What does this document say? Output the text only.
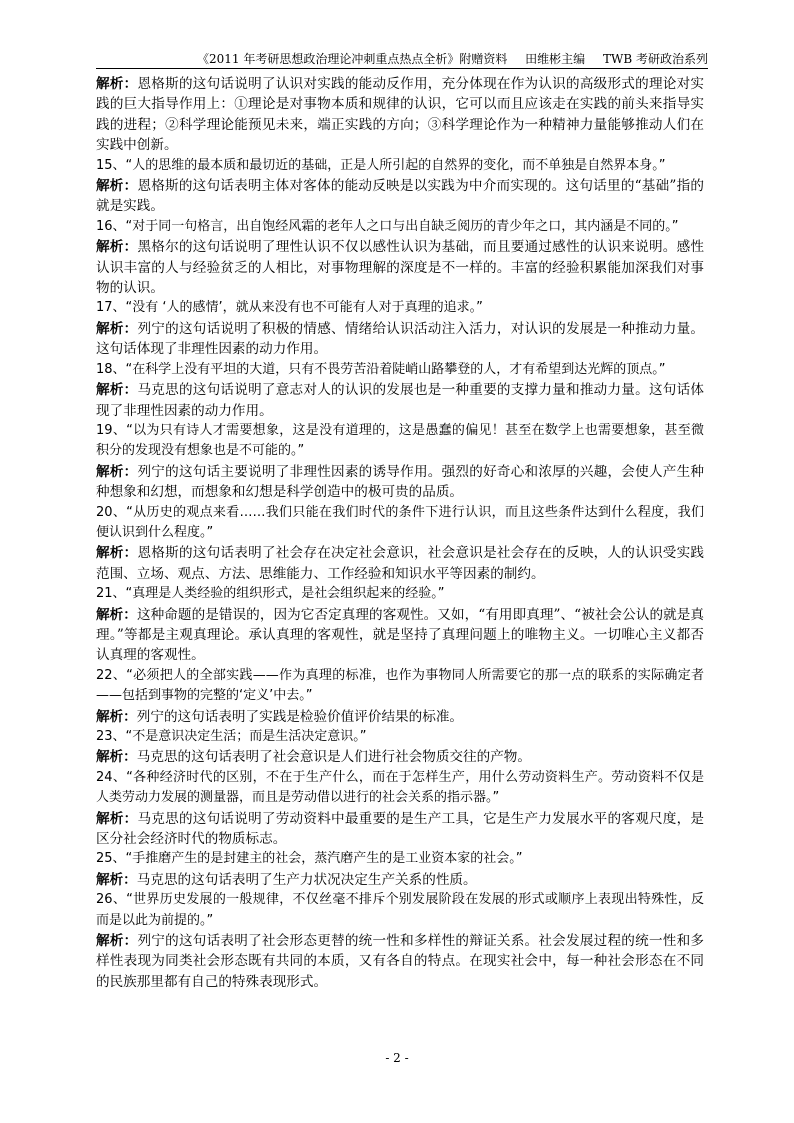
《2011 年考研思想政治理论冲刺重点热点全析》附赠资料 田维彬主编 TWB 考研政治系列

解析：恩格斯的这句话说明了认识对实践的能动反作用，充分体现在作为认识的高级形式的理论对实践的巨大指导作用上：①理论是对事物本质和规律的认识，它可以而且应该走在实践的前头来指导实践的进程；②科学理论能预见未来，端正实践的方向；③科学理论作为一种精神力量能够推动人们在实践中创新。

15、“人的思维的最本质和最切近的基础，正是人所引起的自然界的变化，而不单独是自然界本身。”

解析：恩格斯的这句话表明主体对客体的能动反映是以实践为中介而实现的。这句话里的“基础”指的就是实践。

16、“对于同一句格言，出自饱经风霜的老年人之口与出自缺乏阅历的青少年之口，其内涵是不同的。”

解析：黑格尔的这句话说明了理性认识不仅以感性认识为基础，而且要通过感性的认识来说明。感性认识丰富的人与经验贫乏的人相比，对事物理解的深度是不一样的。丰富的经验积累能加深我们对事物的认识。

17、“没有 ‘人的感情’，就从来没有也不可能有人对于真理的追求。”

解析：列宁的这句话说明了积极的情感、情绪给认识活动注入活力，对认识的发展是一种推动力量。这句话体现了非理性因素的动力作用。

18、“在科学上没有平坦的大道，只有不畏劳苦沿着陡峭山路攀登的人，才有希望到达光辉的顶点。”

解析：马克思的这句话说明了意志对人的认识的发展也是一种重要的支撑力量和推动力量。这句话体现了非理性因素的动力作用。

19、“以为只有诗人才需要想象，这是没有道理的，这是愚蠢的偏见！甚至在数学上也需要想象，甚至微积分的发现没有想象也是不可能的。”

解析：列宁的这句话主要说明了非理性因素的诱导作用。强烈的好奇心和浓厚的兴趣，会使人产生种种想象和幻想，而想象和幻想是科学创造中的极可贵的品质。

20、“从历史的观点来看……我们只能在我们时代的条件下进行认识，而且这些条件达到什么程度，我们便认识到什么程度。”

解析：恩格斯的这句话表明了社会存在决定社会意识，社会意识是社会存在的反映，人的认识受实践范围、立场、观点、方法、思维能力、工作经验和知识水平等因素的制约。

21、“真理是人类经验的组织形式，是社会组织起来的经验。”

解析：这种命题的是错误的，因为它否定真理的客观性。又如，“有用即真理”、“被社会公认的就是真理。”等都是主观真理论。承认真理的客观性，就是坚持了真理问题上的唯物主义。一切唯心主义都否认真理的客观性。

22、“必须把人的全部实践——作为真理的标准，也作为事物同人所需要它的那一点的联系的实际确定者——包括到事物的完整的‘定义’中去。”

解析：列宁的这句话表明了实践是检验价值评价结果的标准。

23、“不是意识决定生活；而是生活决定意识。”

解析：马克思的这句话表明了社会意识是人们进行社会物质交往的产物。

24、“各种经济时代的区别，不在于生产什么，而在于怎样生产，用什么劳动资料生产。劳动资料不仅是人类劳动力发展的测量器，而且是劳动借以进行的社会关系的指示器。”

解析：马克思的这句话说明了劳动资料中最重要的是生产工具，它是生产力发展水平的客观尺度，是区分社会经济时代的物质标志。

25、“手推磨产生的是封建主的社会，蒸汽磨产生的是工业资本家的社会。”

解析：马克思的这句话表明了生产力状况决定生产关系的性质。

26、“世界历史发展的一般规律，不仅丝毫不排斥个别发展阶段在发展的形式或顺序上表现出特殊性，反而是以此为前提的。”

解析：列宁的这句话表明了社会形态更替的统一性和多样性的辩证关系。社会发展过程的统一性和多样性表现为同类社会形态既有共同的本质，又有各自的特点。在现实社会中，每一种社会形态在不同的民族那里都有自己的特殊表现形式。

- 2 -
